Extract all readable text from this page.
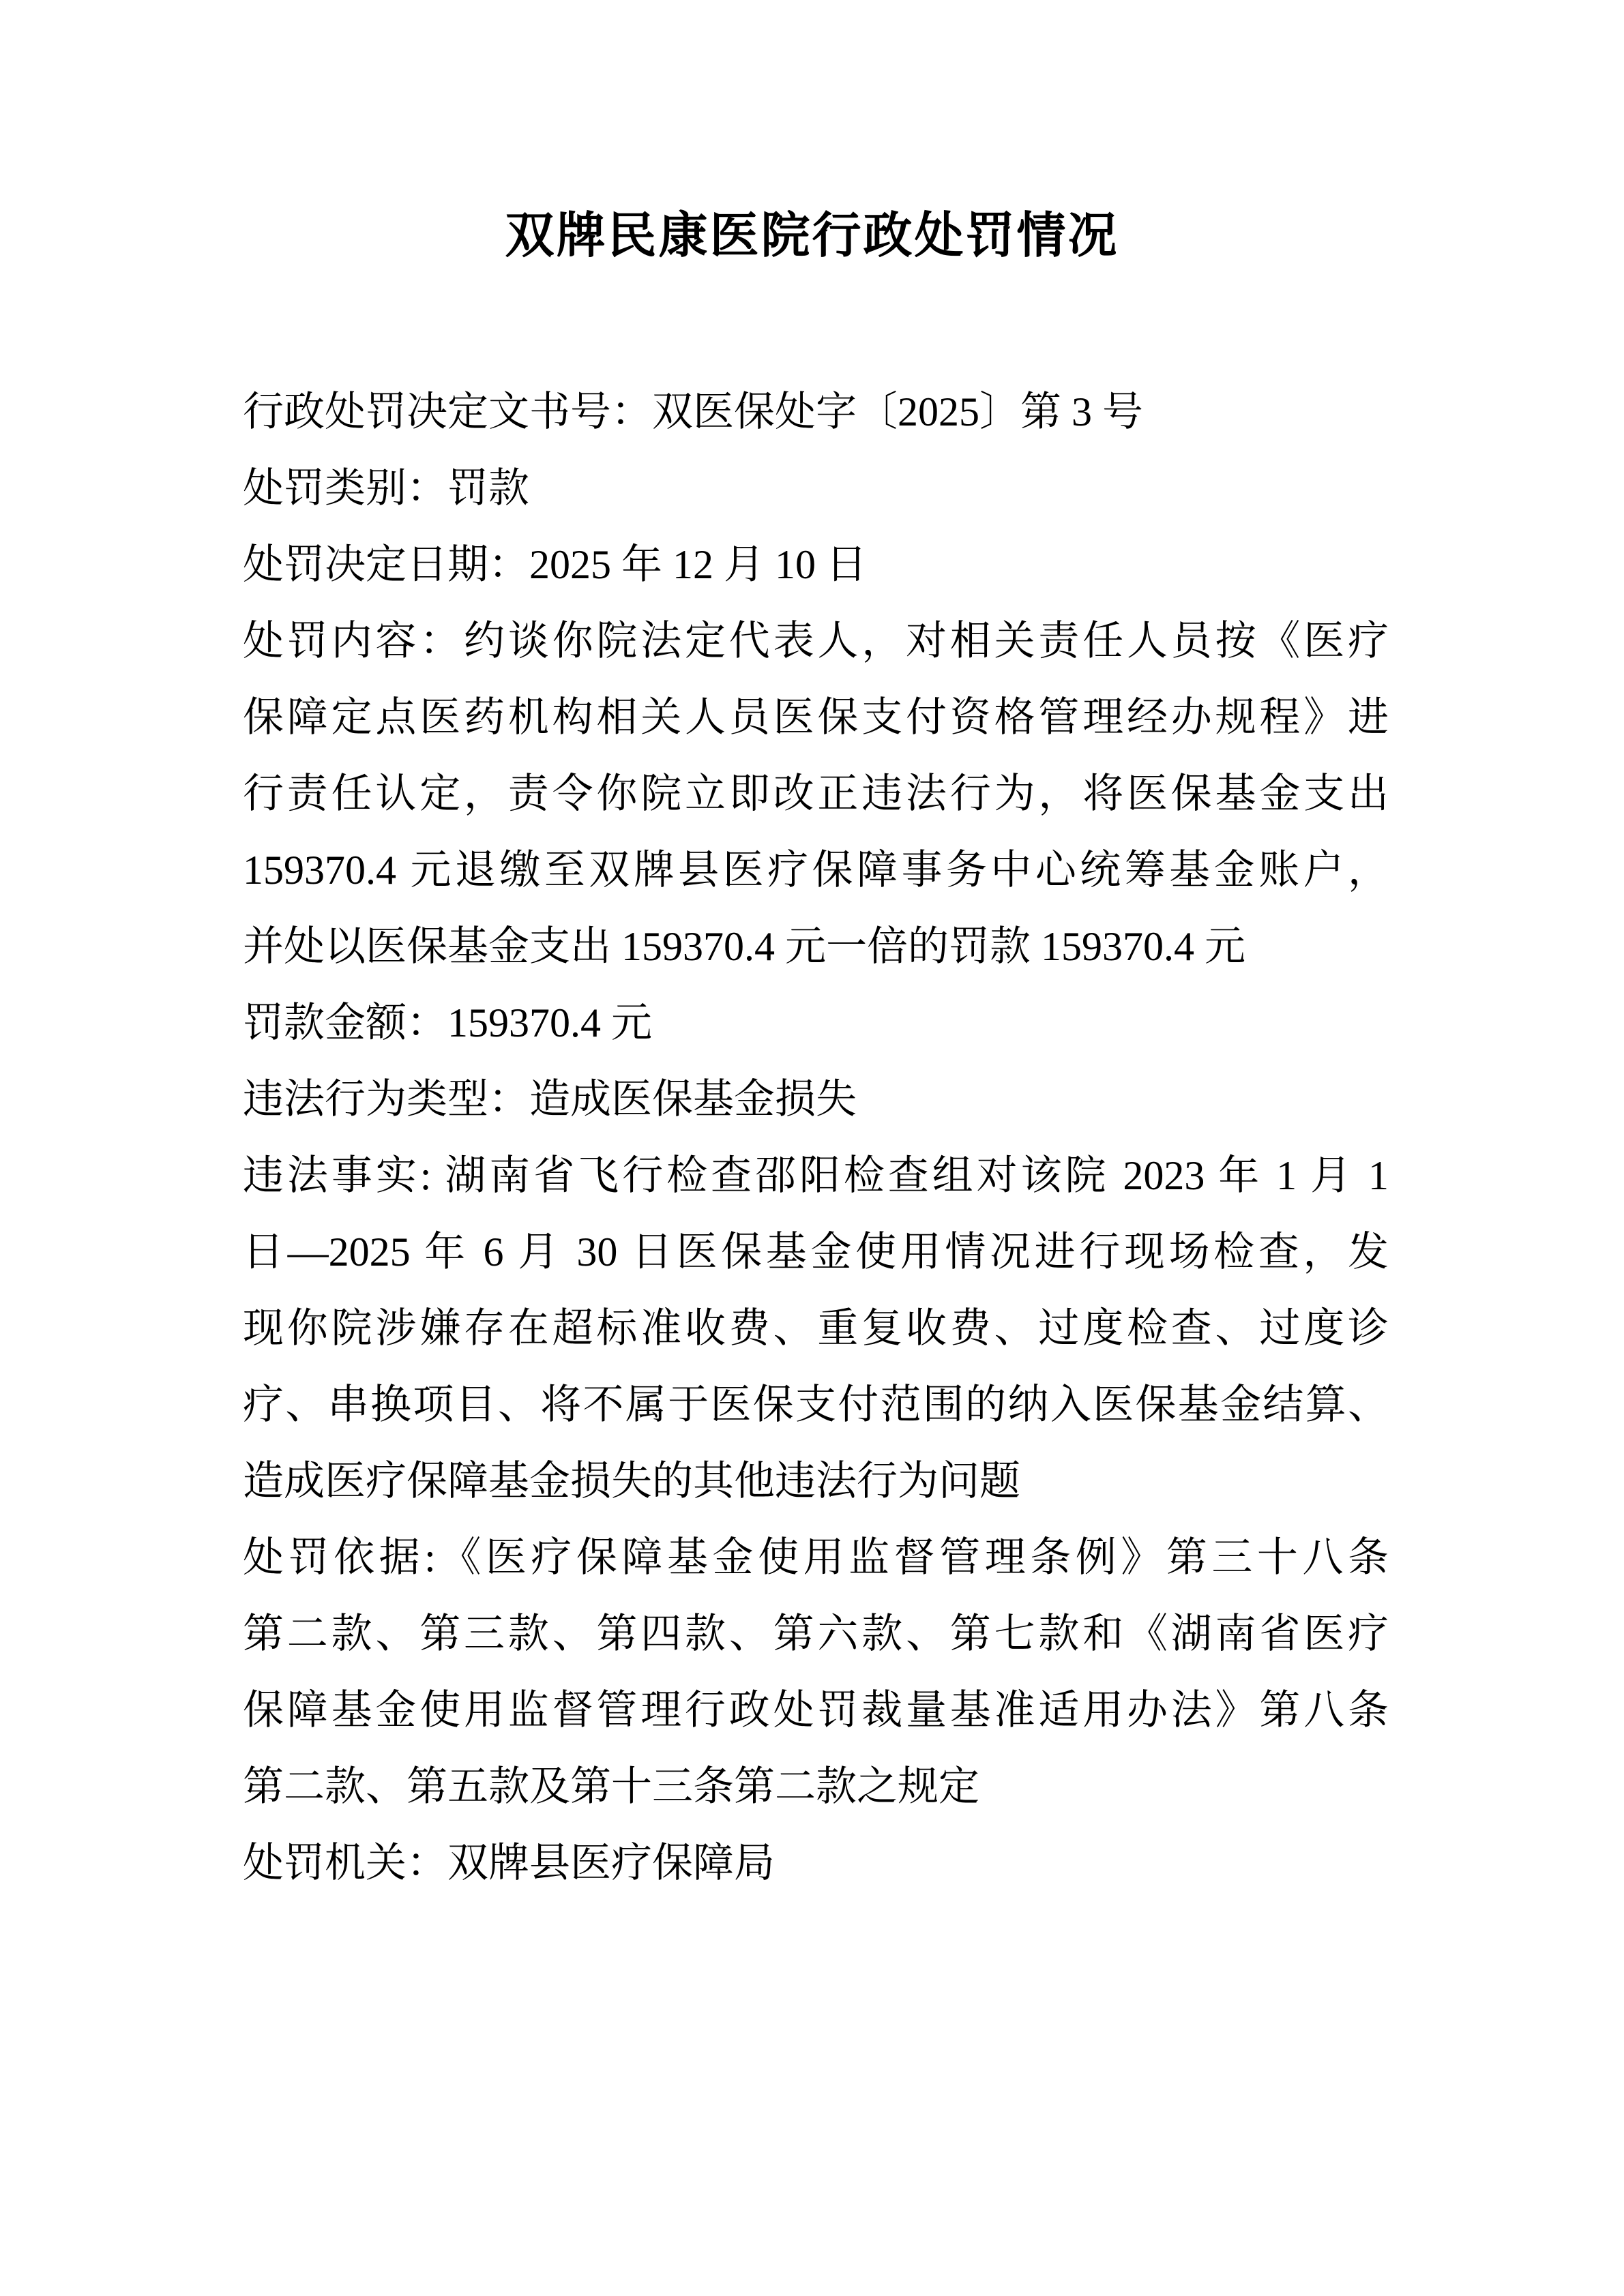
双牌民康医院行政处罚情况
行政处罚决定文书号：双医保处字〔2025〕第 3 号
处罚类别：罚款
处罚决定日期：2025 年 12 月 10 日
处罚内容：约谈你院法定代表人，对相关责任人员按《医疗
保障定点医药机构相关人员医保支付资格管理经办规程》进
行责任认定，责令你院立即改正违法行为，将医保基金支出
159370.4 元退缴至双牌县医疗保障事务中心统筹基金账户，
并处以医保基金支出 159370.4 元一倍的罚款 159370.4 元
罚款金额：159370.4 元
违法行为类型：造成医保基金损失
违法事实: 湖南省飞行检查邵阳检查组对该院 2023 年 1 月 1
日—2025 年 6 月 30 日医保基金使用情况进行现场检查，发
现你院涉嫌存在超标准收费、重复收费、过度检查、过度诊
疗、串换项目、将不属于医保支付范围的纳入医保基金结算、
造成医疗保障基金损失的其他违法行为问题
处罚依据:《医疗保障基金使用监督管理条例》第三十八条
第二款、第三款、第四款、第六款、第七款和《湖南省医疗
保障基金使用监督管理行政处罚裁量基准适用办法》第八条
第二款、第五款及第十三条第二款之规定
处罚机关：双牌县医疗保障局
